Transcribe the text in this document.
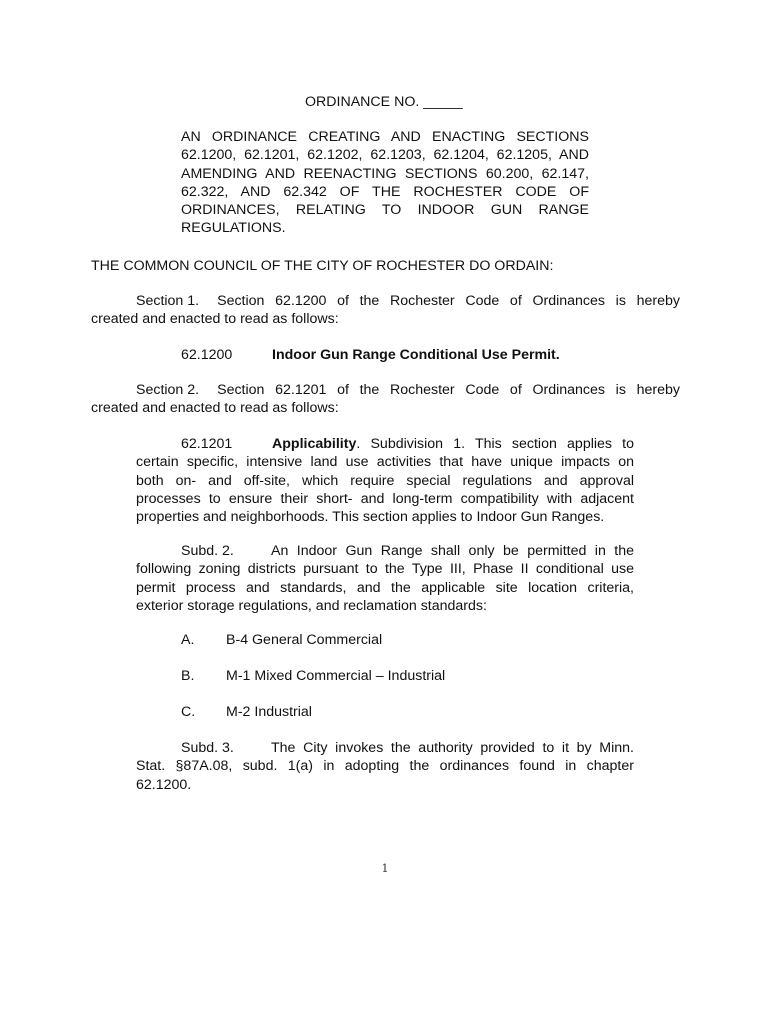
ORDINANCE NO. _____
AN ORDINANCE CREATING AND ENACTING SECTIONS
62.1200, 62.1201, 62.1202, 62.1203, 62.1204, 62.1205, AND
AMENDING AND REENACTING SECTIONS 60.200, 62.147,
62.322, AND 62.342 OF THE ROCHESTER CODE OF
ORDINANCES, RELATING TO INDOOR GUN RANGE
REGULATIONS.
THE COMMON COUNCIL OF THE CITY OF ROCHESTER DO ORDAIN:
Section 1. Section 62.1200 of the Rochester Code of Ordinances is hereby
created and enacted to read as follows:
62.1200	Indoor Gun Range Conditional Use Permit.
Section 2. Section 62.1201 of the Rochester Code of Ordinances is hereby
created and enacted to read as follows:
62.1201	Applicability. Subdivision 1. This section applies to
certain specific, intensive land use activities that have unique impacts on
both on- and off-site, which require special regulations and approval
processes to ensure their short- and long-term compatibility with adjacent
properties and neighborhoods. This section applies to Indoor Gun Ranges.
Subd. 2.	An Indoor Gun Range shall only be permitted in the
following zoning districts pursuant to the Type III, Phase II conditional use
permit process and standards, and the applicable site location criteria,
exterior storage regulations, and reclamation standards:
A. B-4 General Commercial
B. M-1 Mixed Commercial – Industrial
C. M-2 Industrial
Subd. 3.	The City invokes the authority provided to it by Minn.
Stat. §87A.08, subd. 1(a) in adopting the ordinances found in chapter
62.1200.
1
